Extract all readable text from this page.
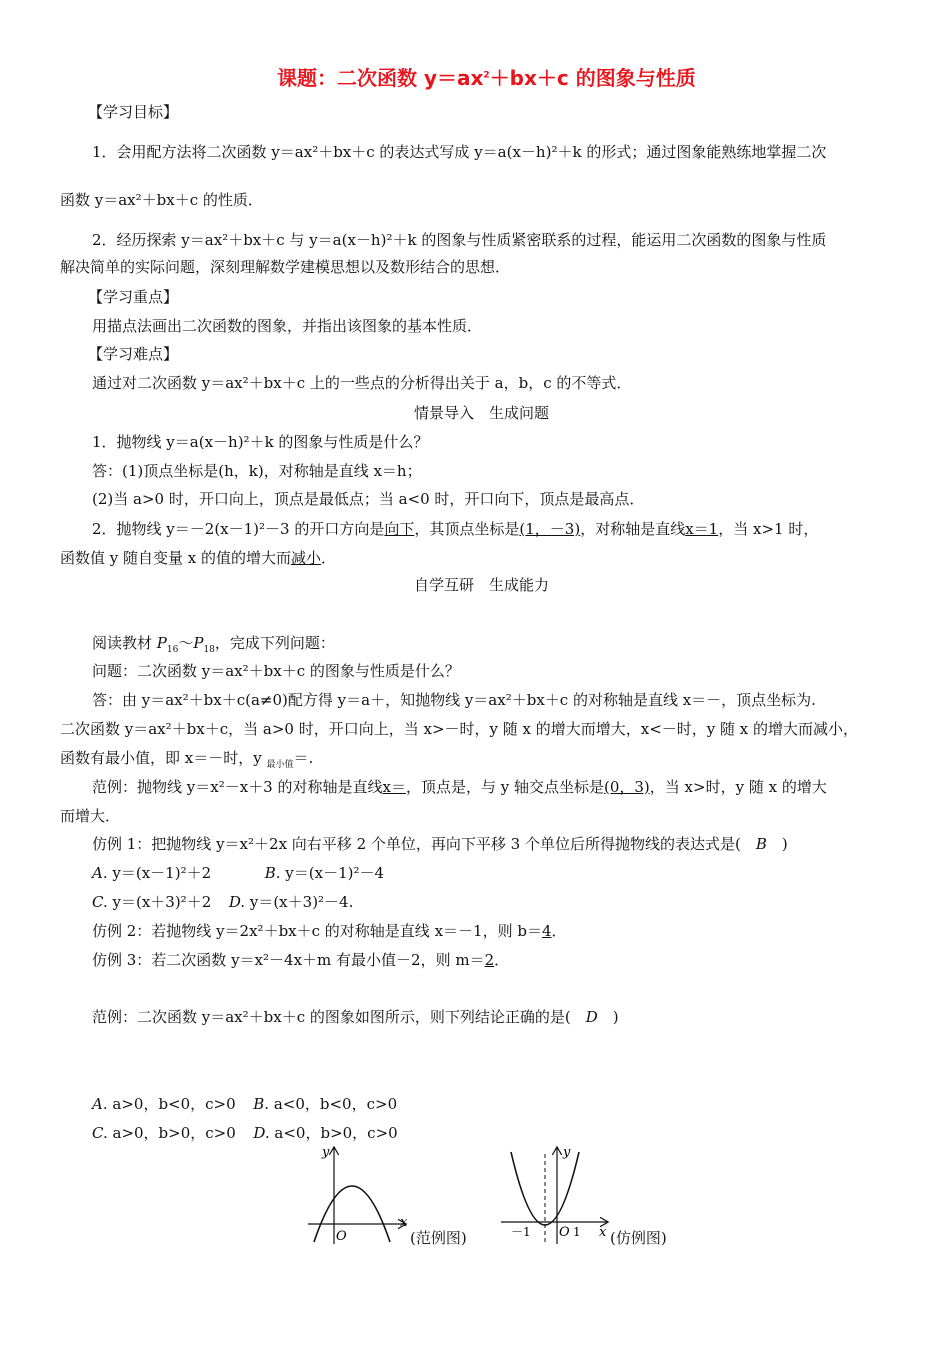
课题：二次函数 $y=ax^2+bx+c$ 的图象与性质
【学习目标】
1．会用配方法将二次函数 y＝ax²＋bx＋c 的表达式写成 y＝a(x－h)²＋k 的形式；通过图象能熟练地掌握二次
函数 y＝ax²＋bx＋c 的性质．
2．经历探索 y＝ax²＋bx＋c 与 y＝a(x－h)²＋k 的图象与性质紧密联系的过程，能运用二次函数的图象与性质
解决简单的实际问题，深刻理解数学建模思想以及数形结合的思想．
【学习重点】
用描点法画出二次函数的图象，并指出该图象的基本性质．
【学习难点】
通过对二次函数 y＝ax²＋bx＋c 上的一些点的分析得出关于 a，b，c 的不等式．
情景导入　生成问题
1．抛物线 y＝a(x－h)²＋k 的图象与性质是什么？
答：(1)顶点坐标是(h，k)，对称轴是直线 x＝h；
(2)当 a>0 时，开口向上，顶点是最低点；当 a<0 时，开口向下，顶点是最高点．
2．抛物线 y＝－2(x－1)²－3 的开口方向是向下，其顶点坐标是(1，－3)，对称轴是直线x＝1，当 x>1 时，
函数值 y 随自变量 x 的值的增大而减小．
自学互研　生成能力
阅读教材 $P_{16}\sim P_{18}$，完成下列问题：
问题：二次函数 y＝ax²＋bx＋c 的图象与性质是什么？
答：由 y＝ax²＋bx＋c(a≠0)配方得 y＝a＋，知抛物线 y＝ax²＋bx＋c 的对称轴是直线 x＝－，顶点坐标为.
二次函数 y＝ax²＋bx＋c，当 a>0 时，开口向上，当 x>－时，y 随 x 的增大而增大，x<－时，y 随 x 的增大而减小，
函数有最小值，即 x＝－时，y $_{最小值}$＝.
范例：抛物线 y＝x²－x＋3 的对称轴是直线x＝，顶点是，与 y 轴交点坐标是(0，3)，当 x>时，y 随 x 的增大
而增大．
仿例 1：把抛物线 y＝x²＋2x 向右平移 2 个单位，再向下平移 3 个单位后所得抛物线的表达式是(　B　)
A. y＝(x－1)²＋2	B. y＝(x－1)²－4
C. y＝(x＋3)²＋2 D. y＝(x＋3)²－4.
仿例 2：若抛物线 y＝2x²＋bx＋c 的对称轴是直线 x＝－1，则 b＝4．
仿例 3：若二次函数 y＝x²－4x＋m 有最小值－2，则 m＝2．
范例：二次函数 y＝ax²＋bx＋c 的图象如图所示，则下列结论正确的是(　D　)
A. a>0，b<0，c>0 B. a<0，b<0，c>0
C. a>0，b>0，c>0 D. a<0，b>0，c>0
y
x
O	(范例图)
y
x
O
－1	1 (仿例图)
